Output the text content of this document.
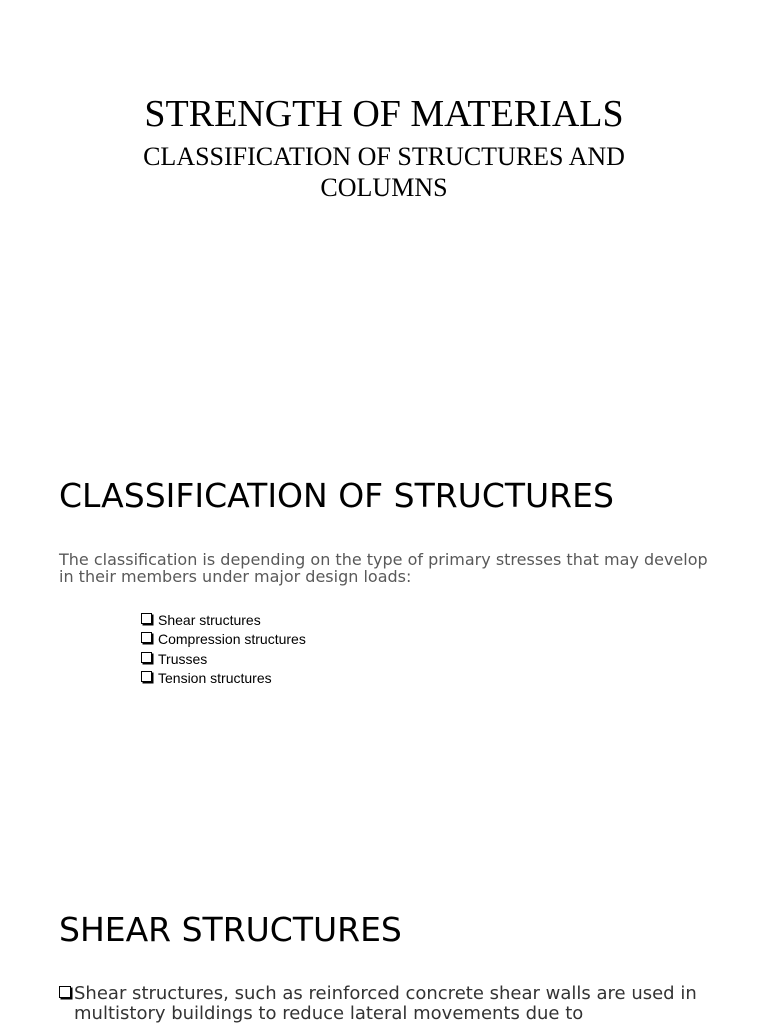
STRENGTH OF MATERIALS
CLASSIFICATION OF STRUCTURES AND COLUMNS
CLASSIFICATION OF STRUCTURES

The classification is depending on the type of primary stresses that may develop in their members under major design loads:

Shear structures
Compression structures
Trusses
Tension structures
SHEAR STRUCTURES

Shear structures, such as reinforced concrete shear walls are used in multistory buildings to reduce lateral movements due to
